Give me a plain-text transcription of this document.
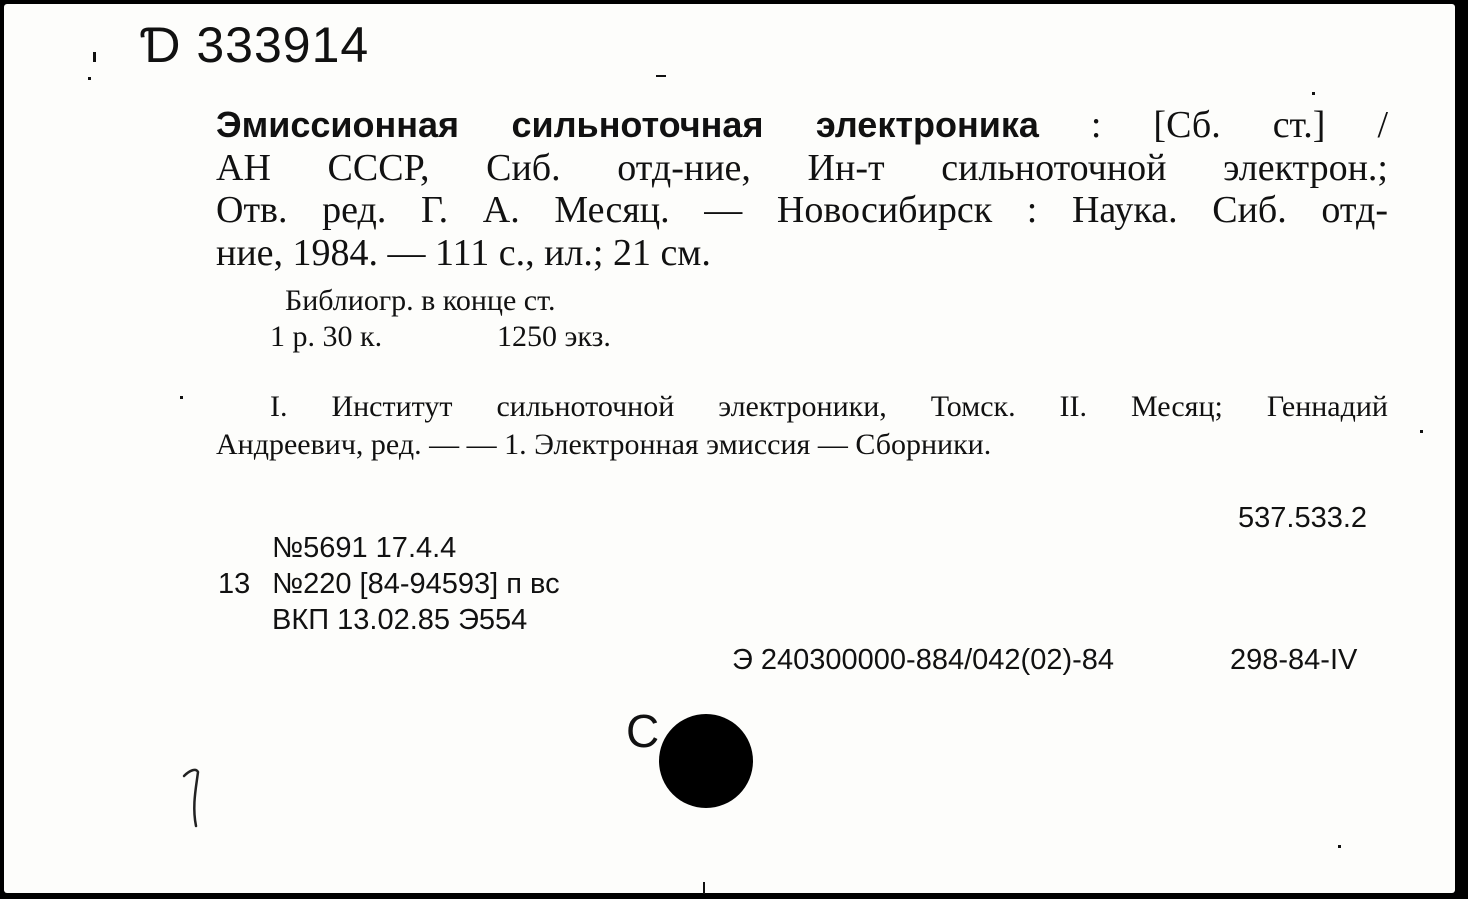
Ɗ 333914
Эмиссионная сильноточная электроника : [Сб. ст.] /
АН СССР, Сиб. отд-ние, Ин-т сильноточной электрон.;
Отв. ред. Г. А. Месяц. — Новосибирск : Наука. Сиб. отд-
ние, 1984. — 111 с., ил.; 21 см.
Библиогр. в конце ст.
1 р. 30 к.	1250 экз.
I. Институт сильноточной электроники, Томск. II. Месяц; Геннадий
Андреевич, ред. — — 1. Электронная эмиссия — Сборники.
537.533.2
№5691 17.4.4
13 №220 [84-94593] п вс
ВКП 13.02.85 Э554
Э 240300000-884/042(02)-84	298-84-IV
C
